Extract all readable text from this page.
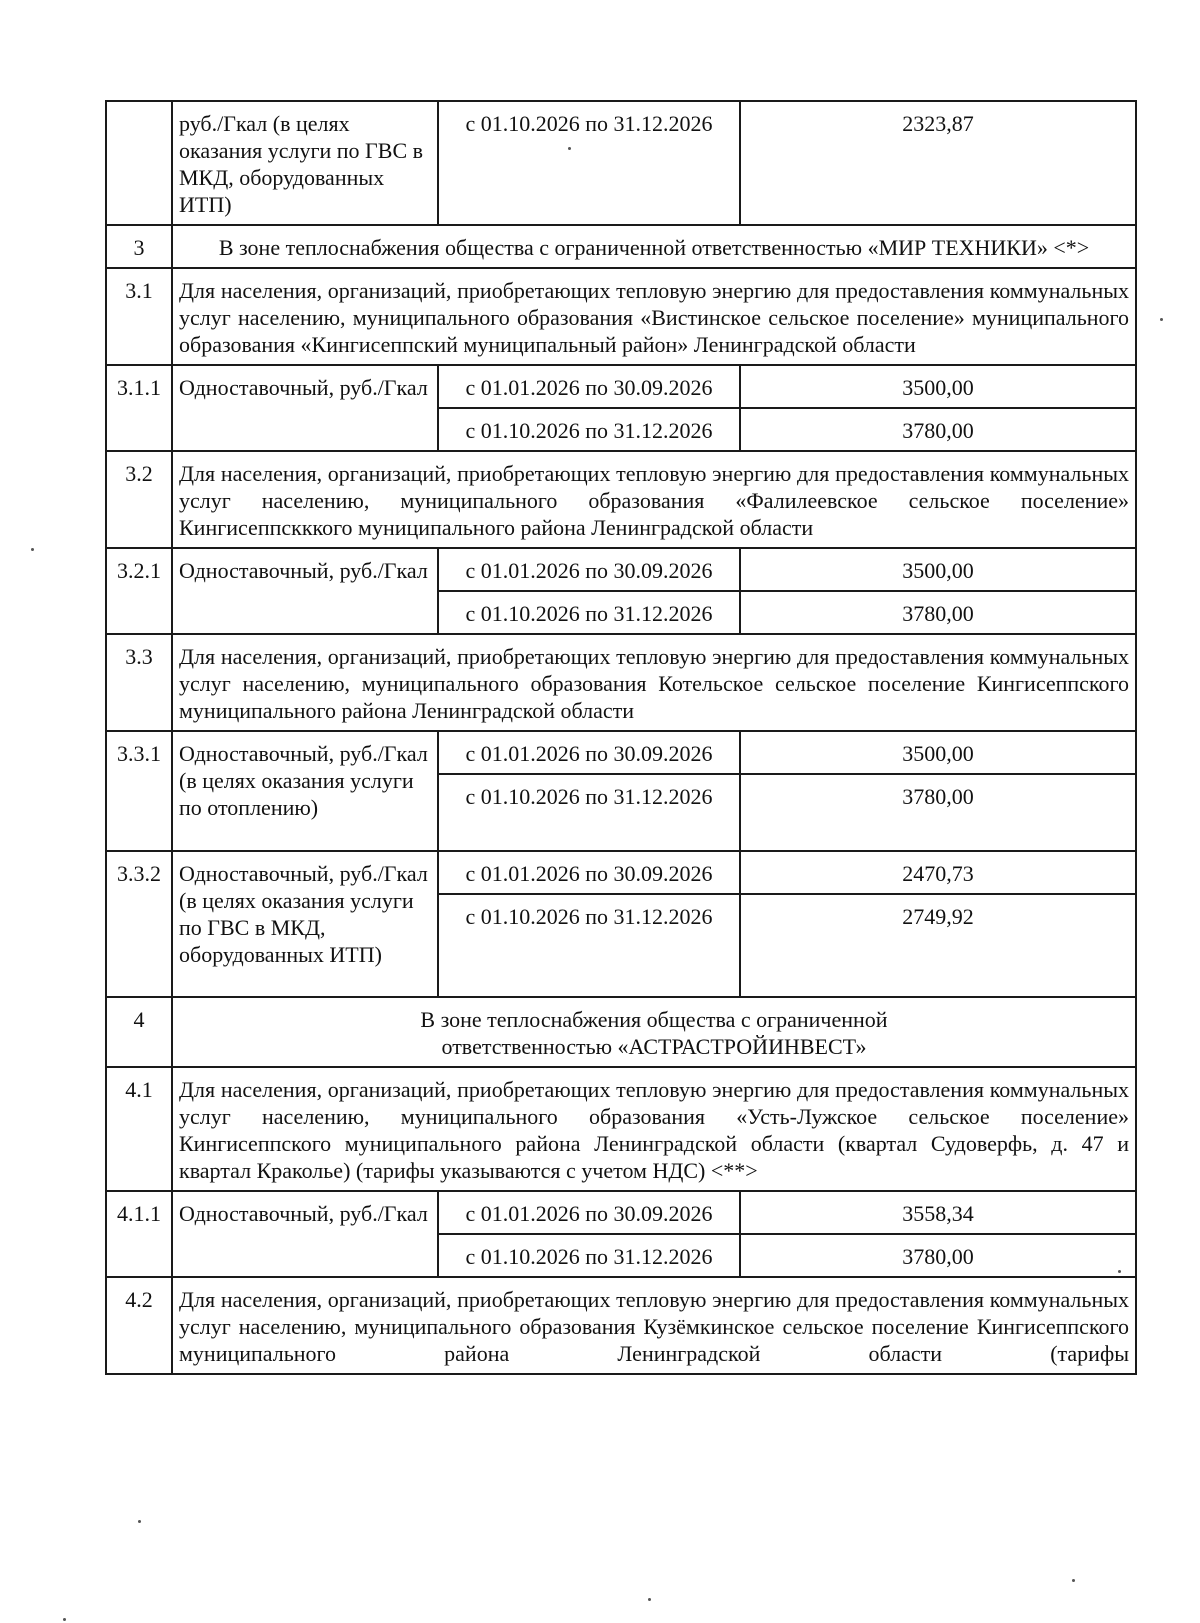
	руб./Гкал (в целях оказания услуги по ГВС в МКД, оборудованных ИТП)	с 01.10.2026 по 31.12.2026	2323,87
3	В зоне теплоснабжения общества с ограниченной ответственностью «МИР ТЕХНИКИ» <*>		
3.1	Для населения, организаций, приобретающих тепловую энергию для предоставления коммунальных услуг населению, муниципального образования «Вистинское сельское поселение» муниципального образования «Кингисеппский муниципальный район» Ленинградской области		
3.1.1	Одноставочный, руб./Гкал	с 01.01.2026 по 30.09.2026	3500,00
		с 01.10.2026 по 31.12.2026	3780,00
3.2	Для населения, организаций, приобретающих тепловую энергию для предоставления коммунальных услуг населению, муниципального образования «Фалилеевское сельское поселение» Кингисеппскккого муниципального района Ленинградской области		
3.2.1	Одноставочный, руб./Гкал	с 01.01.2026 по 30.09.2026	3500,00
		с 01.10.2026 по 31.12.2026	3780,00
3.3	Для населения, организаций, приобретающих тепловую энергию для предоставления коммунальных услуг населению, муниципального образования Котельское сельское поселение Кингисеппского муниципального района Ленинградской области		
3.3.1	Одноставочный, руб./Гкал (в целях оказания услуги по отоплению)	с 01.01.2026 по 30.09.2026	3500,00
		с 01.10.2026 по 31.12.2026	3780,00
3.3.2	Одноставочный, руб./Гкал (в целях оказания услуги по ГВС в МКД, оборудованных ИТП)	с 01.01.2026 по 30.09.2026	2470,73
		с 01.10.2026 по 31.12.2026	2749,92
4	В зоне теплоснабжения общества с ограниченной ответственностью «АСТРАСТРОЙИНВЕСТ»		

4.1	Для населения, организаций, приобретающих тепловую энергию для предоставления коммунальных услуг населению, муниципального образования «Усть-Лужское сельское поселение» Кингисеппского муниципального района Ленинградской области (квартал Судоверфь, д. 47 и квартал Краколье) (тарифы указываются с учетом НДС) <**>		
4.1.1	Одноставочный, руб./Гкал	с 01.01.2026 по 30.09.2026	3558,34
		с 01.10.2026 по 31.12.2026	3780,00
4.2	Для населения, организаций, приобретающих тепловую энергию для предоставления коммунальных услуг населению, муниципального образования Кузёмкинское сельское поселение Кингисеппского муниципального района Ленинградской области (тарифы		
